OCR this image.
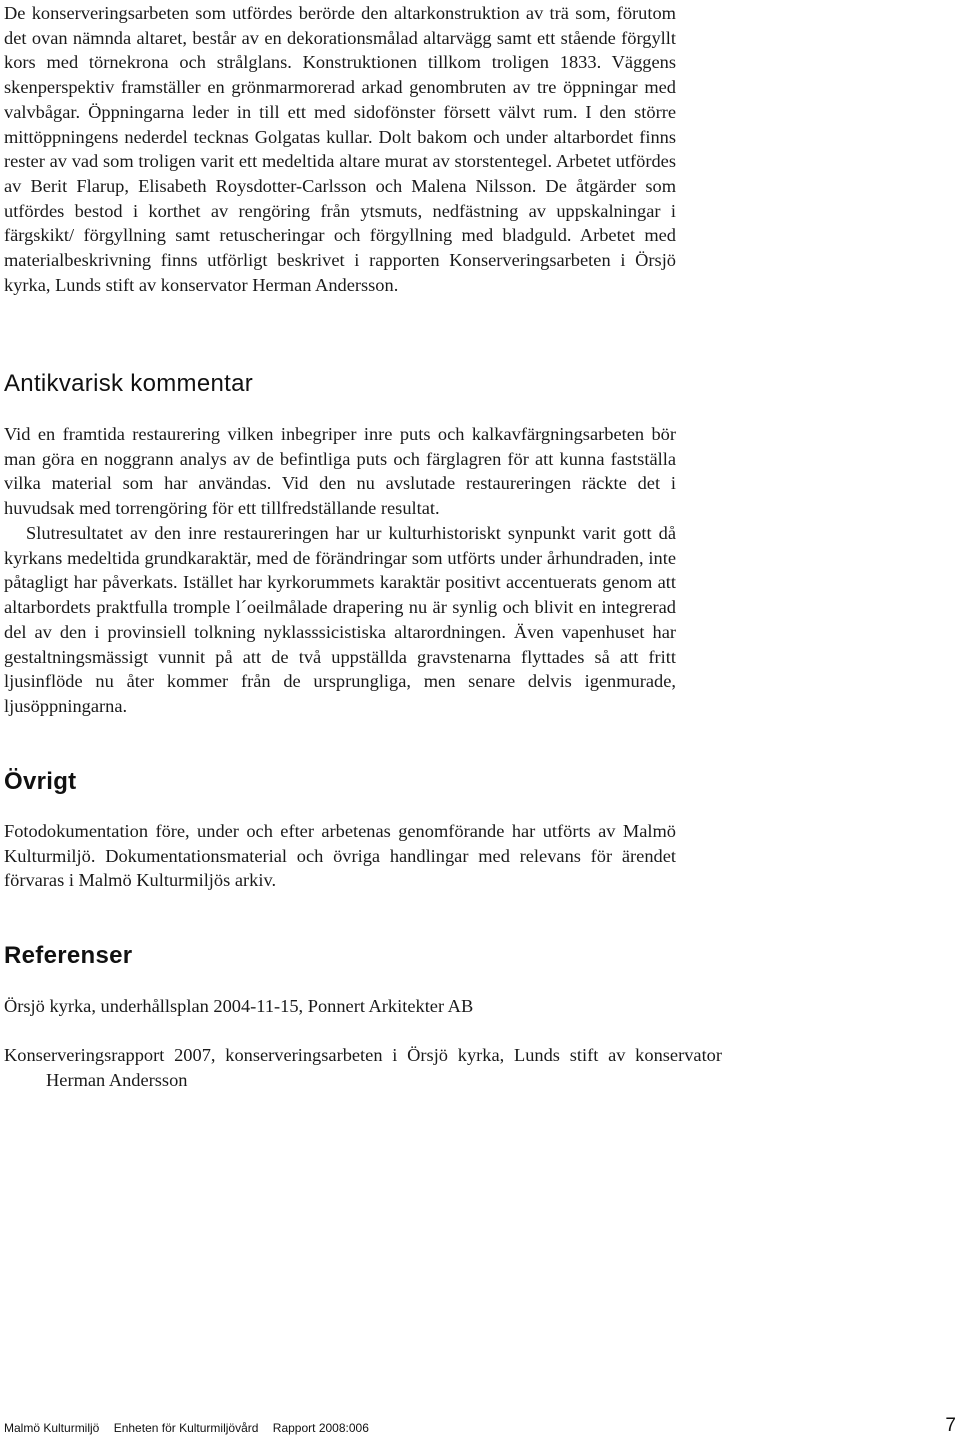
De konserveringsarbeten som utfördes berörde den altarkonstruktion av trä som, förutom det ovan nämnda altaret, består av en dekorationsmålad altarvägg samt ett stående förgyllt kors med törnekrona och strålglans. Konstruktionen tillkom troligen 1833. Väggens skenperspektiv framställer en grönmarmorerad arkad genombruten av tre öppningar med valvbågar. Öppningarna leder in till ett med sidofönster försett välvt rum. I den större mittöppningens nederdel tecknas Golgatas kullar. Dolt bakom och under altarbordet finns rester av vad som troligen varit ett medeltida altare murat av storstentegel. Arbetet utfördes av Berit Flarup, Elisabeth Roysdotter-Carlsson och Malena Nilsson. De åtgärder som utfördes bestod i korthet av rengöring från ytsmuts, nedfästning av uppskalningar i färgskikt/ förgyllning samt retuscheringar och förgyllning med bladguld. Arbetet med materialbeskrivning finns utförligt beskrivet i rapporten Konserveringsarbeten i Örsjö kyrka, Lunds stift av konservator Herman Andersson.

Antikvarisk kommentar

Vid en framtida restaurering vilken inbegriper inre puts och kalkavfärgningsarbeten bör man göra en noggrann analys av de befintliga puts och färglagren för att kunna fastställa vilka material som har användas. Vid den nu avslutade restaureringen räckte det i huvudsak med torrengöring för ett tillfredställande resultat.

Slutresultatet av den inre restaureringen har ur kulturhistoriskt synpunkt varit gott då kyrkans medeltida grundkaraktär, med de förändringar som utförts under århundraden, inte påtagligt har påverkats. Istället har kyrkorummets karaktär positivt accentuerats genom att altarbordets praktfulla tromple l´oeilmålade drapering nu är synlig och blivit en integrerad del av den i provinsiell tolkning nyklasssicistiska altarordningen. Även vapenhuset har gestaltningsmässigt vunnit på att de två uppställda gravstenarna flyttades så att fritt ljusinflöde nu åter kommer från de ursprungliga, men senare delvis igenmurade, ljusöppningarna.

Övrigt

Fotodokumentation före, under och efter arbetenas genomförande har utförts av Malmö Kulturmiljö. Dokumentationsmaterial och övriga handlingar med relevans för ärendet förvaras i Malmö Kulturmiljös arkiv.

Referenser

Örsjö kyrka, underhållsplan 2004-11-15, Ponnert Arkitekter AB

Konserveringsrapport 2007, konserveringsarbeten i Örsjö kyrka, Lunds stift av konservator Herman Andersson

Malmö Kulturmiljö Enheten för Kulturmiljövård Rapport 2008:006	7
